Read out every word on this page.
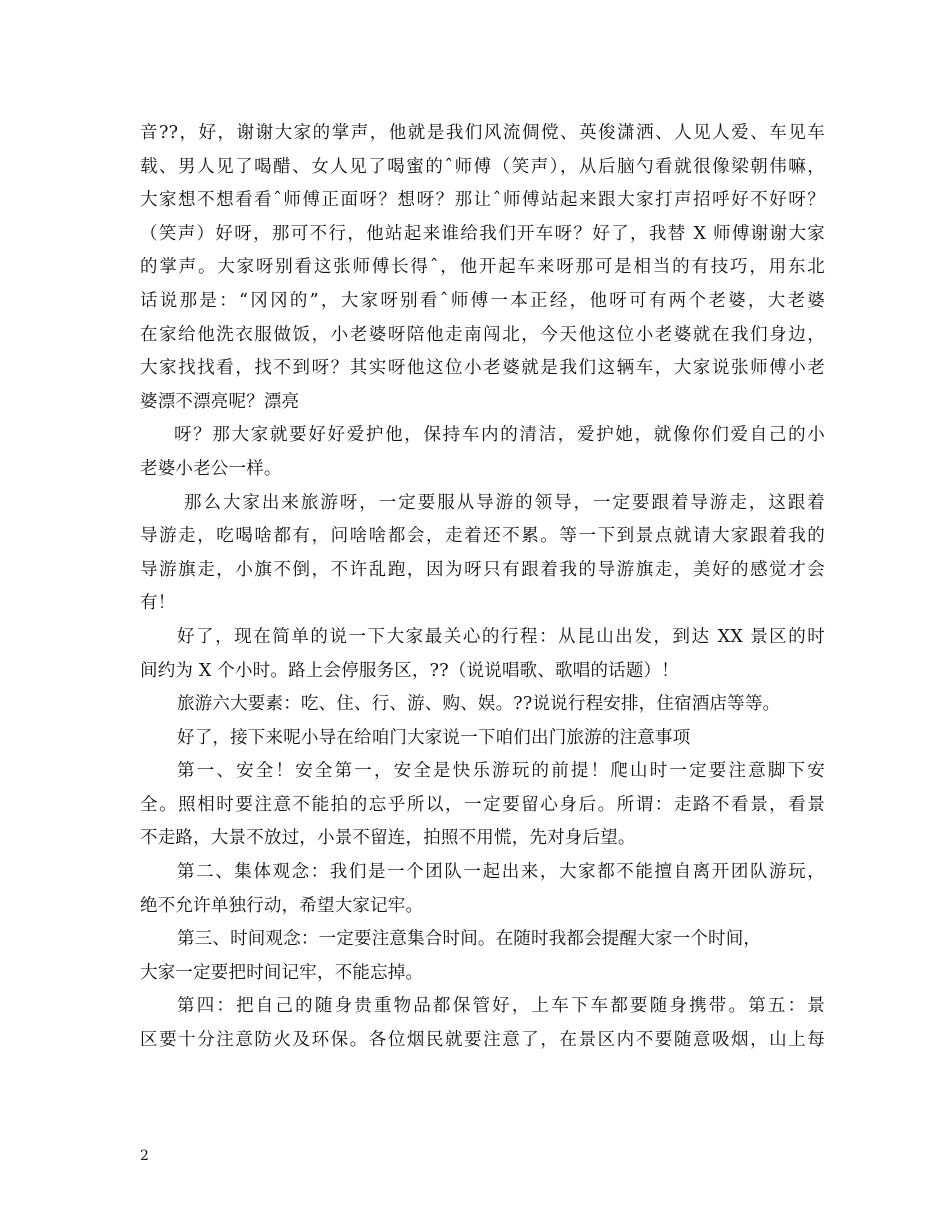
音??，好，谢谢大家的掌声，他就是我们风流倜傥、英俊潇洒、人见人爱、车见车
载、男人见了喝醋、女人见了喝蜜的ˆ师傅（笑声），从后脑勺看就很像梁朝伟嘛，
大家想不想看看ˆ师傅正面呀？想呀？那让ˆ师傅站起来跟大家打声招呼好不好呀？
（笑声）好呀，那可不行，他站起来谁给我们开车呀？好了，我替 X 师傅谢谢大家
的掌声。大家呀别看这张师傅长得ˆ，他开起车来呀那可是相当的有技巧，用东北
话说那是：“冈冈的”，大家呀别看ˆ师傅一本正经，他呀可有两个老婆，大老婆
在家给他洗衣服做饭，小老婆呀陪他走南闯北，今天他这位小老婆就在我们身边，
大家找找看，找不到呀？其实呀他这位小老婆就是我们这辆车，大家说张师傅小老
婆漂不漂亮呢？漂亮
呀？那大家就要好好爱护他，保持车内的清洁，爱护她，就像你们爱自己的小
老婆小老公一样。
那么大家出来旅游呀，一定要服从导游的领导，一定要跟着导游走，这跟着
导游走，吃喝啥都有，问啥啥都会，走着还不累。等一下到景点就请大家跟着我的
导游旗走，小旗不倒，不许乱跑，因为呀只有跟着我的导游旗走，美好的感觉才会
有！
好了，现在简单的说一下大家最关心的行程：从昆山出发，到达 XX 景区的时
间约为 X 个小时。路上会停服务区，??（说说唱歌、歌唱的话题）！
旅游六大要素：吃、住、行、游、购、娱。??说说行程安排，住宿酒店等等。
好了，接下来呢小导在给咱门大家说一下咱们出门旅游的注意事项
第一、安全！安全第一，安全是快乐游玩的前提！爬山时一定要注意脚下安
全。照相时要注意不能拍的忘乎所以，一定要留心身后。所谓：走路不看景，看景
不走路，大景不放过，小景不留连，拍照不用慌，先对身后望。
第二、集体观念：我们是一个团队一起出来，大家都不能擅自离开团队游玩，
绝不允许单独行动，希望大家记牢。
第三、时间观念：一定要注意集合时间。在随时我都会提醒大家一个时间，
大家一定要把时间记牢，不能忘掉。
第四：把自己的随身贵重物品都保管好，上车下车都要随身携带。第五：景
区要十分注意防火及环保。各位烟民就要注意了，在景区内不要随意吸烟，山上每
2
